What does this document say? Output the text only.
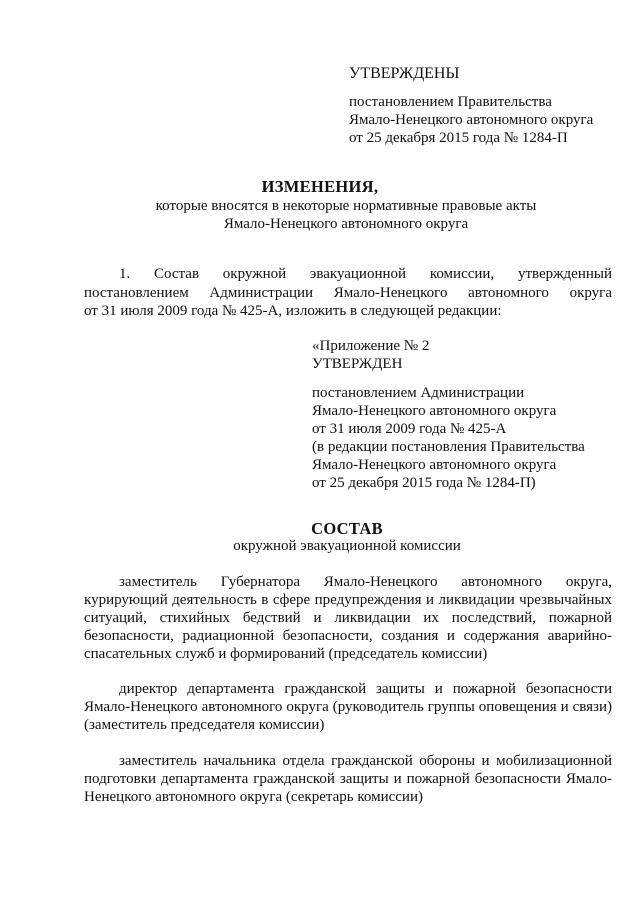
УТВЕРЖДЕНЫ
постановлением Правительства
Ямало-Ненецкого автономного округа
от 25 декабря 2015 года № 1284-П
ИЗМЕНЕНИЯ,
которые вносятся в некоторые нормативные правовые акты
Ямало-Ненецкого автономного округа
1. Состав окружной эвакуационной комиссии, утвержденный
постановлением Администрации Ямало-Ненецкого автономного округа
от 31 июля 2009 года № 425-А, изложить в следующей редакции:
«Приложение № 2
УТВЕРЖДЕН
постановлением Администрации
Ямало-Ненецкого автономного округа
от 31 июля 2009 года № 425-А
(в редакции постановления Правительства
Ямало-Ненецкого автономного округа
от 25 декабря 2015 года № 1284-П)
СОСТАВ
окружной эвакуационной комиссии
заместитель Губернатора Ямало-Ненецкого автономного округа,
курирующий деятельность в сфере предупреждения и ликвидации чрезвычайных
ситуаций, стихийных бедствий и ликвидации их последствий, пожарной
безопасности, радиационной безопасности, создания и содержания аварийно-
спасательных служб и формирований (председатель комиссии)
директор департамента гражданской защиты и пожарной безопасности
Ямало-Ненецкого автономного округа (руководитель группы оповещения и связи)
(заместитель председателя комиссии)
заместитель начальника отдела гражданской обороны и мобилизационной
подготовки департамента гражданской защиты и пожарной безопасности Ямало-
Ненецкого автономного округа (секретарь комиссии)
